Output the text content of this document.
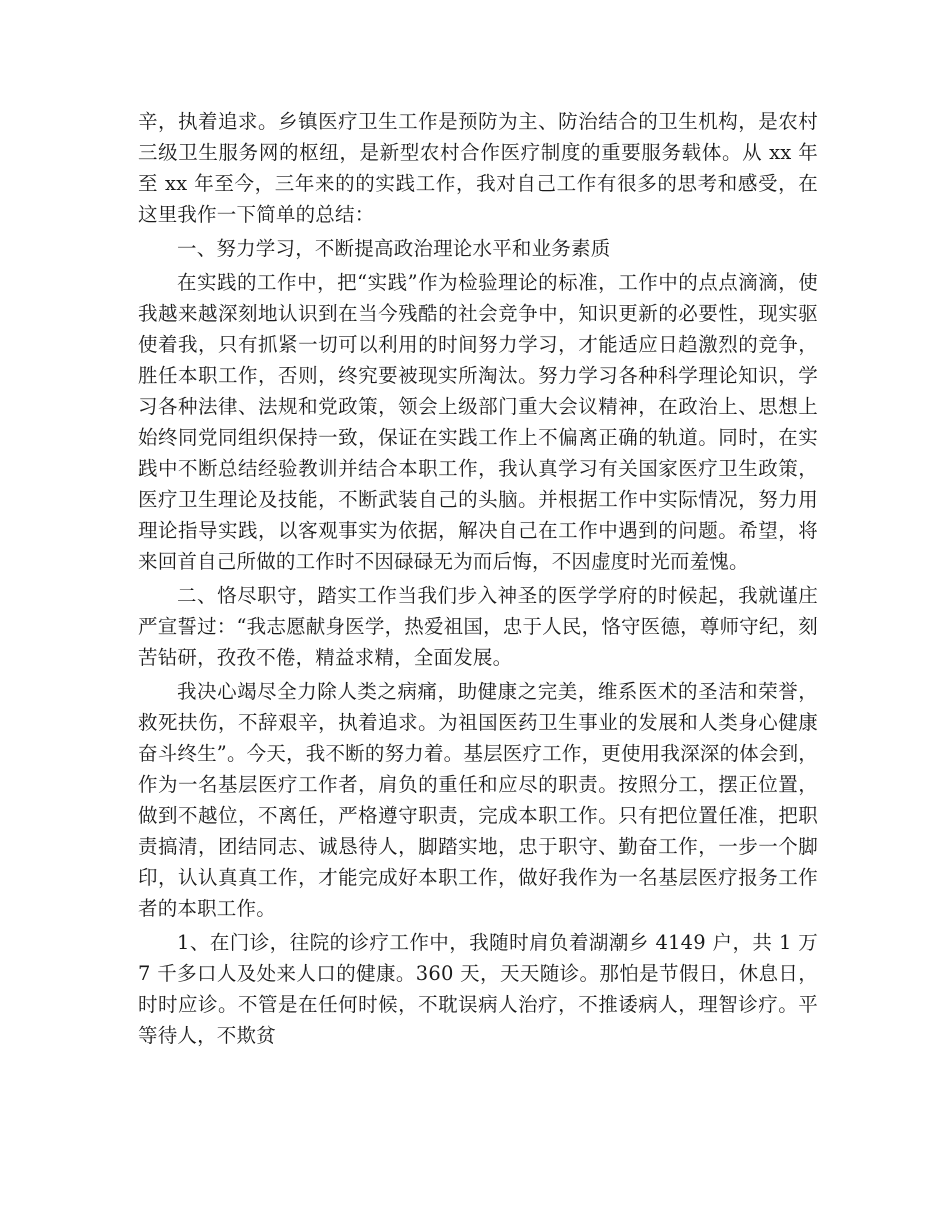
辛，执着追求。乡镇医疗卫生工作是预防为主、防治结合的卫生机构，是农村三级卫生服务网的枢纽，是新型农村合作医疗制度的重要服务载体。从 xx 年至 xx 年至今，三年来的的实践工作，我对自己工作有很多的思考和感受，在这里我作一下简单的总结：

一、努力学习，不断提高政治理论水平和业务素质

在实践的工作中，把“实践”作为检验理论的标准，工作中的点点滴滴，使我越来越深刻地认识到在当今残酷的社会竞争中，知识更新的必要性，现实驱使着我，只有抓紧一切可以利用的时间努力学习，才能适应日趋激烈的竞争，胜任本职工作，否则，终究要被现实所淘汰。努力学习各种科学理论知识，学习各种法律、法规和党政策，领会上级部门重大会议精神，在政治上、思想上始终同党同组织保持一致，保证在实践工作上不偏离正确的轨道。同时，在实践中不断总结经验教训并结合本职工作，我认真学习有关国家医疗卫生政策，医疗卫生理论及技能，不断武装自己的头脑。并根据工作中实际情况，努力用理论指导实践，以客观事实为依据，解决自己在工作中遇到的问题。希望，将来回首自己所做的工作时不因碌碌无为而后悔，不因虚度时光而羞愧。

二、恪尽职守，踏实工作当我们步入神圣的医学学府的时候起，我就谨庄严宣誓过：“我志愿献身医学，热爱祖国，忠于人民，恪守医德，尊师守纪，刻苦钻研，孜孜不倦，精益求精，全面发展。

我决心竭尽全力除人类之病痛，助健康之完美，维系医术的圣洁和荣誉，救死扶伤，不辞艰辛，执着追求。为祖国医药卫生事业的发展和人类身心健康奋斗终生”。今天，我不断的努力着。基层医疗工作，更使用我深深的体会到，作为一名基层医疗工作者，肩负的重任和应尽的职责。按照分工，摆正位置，做到不越位，不离任，严格遵守职责，完成本职工作。只有把位置任准，把职责搞清，团结同志、诚恳待人，脚踏实地，忠于职守、勤奋工作，一步一个脚印，认认真真工作，才能完成好本职工作，做好我作为一名基层医疗报务工作者的本职工作。

1、在门诊，往院的诊疗工作中，我随时肩负着湖潮乡 4149 户，共 1 万 7 千多口人及处来人口的健康。360 天，天天随诊。那怕是节假日，休息日，时时应诊。不管是在任何时候，不耽误病人治疗，不推诿病人，理智诊疗。平等待人，不欺贫
